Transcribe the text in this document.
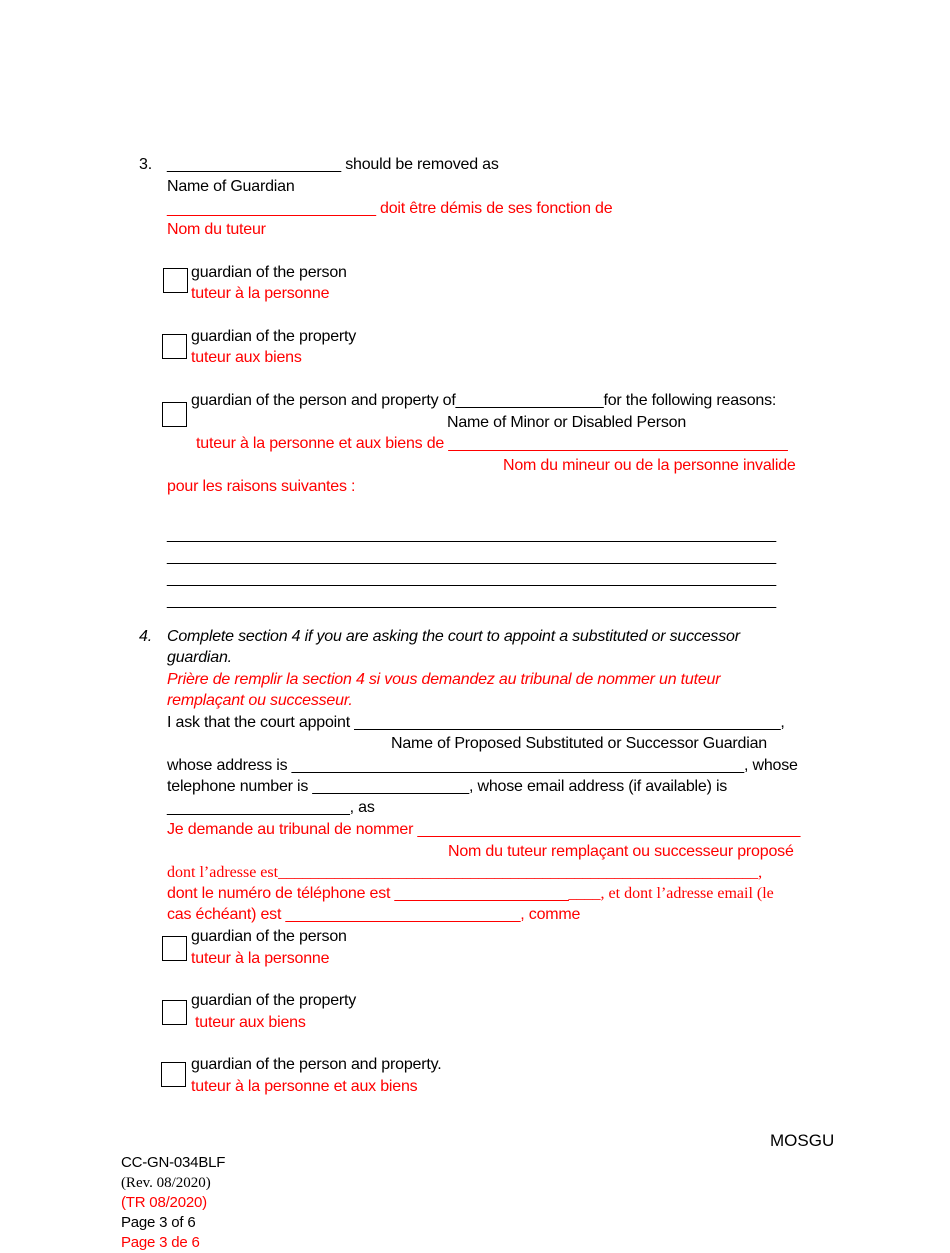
3. ____________________ should be removed as
Name of Guardian
________________________ doit être démis de ses fonction de
Nom du tuteur
guardian of the person
tuteur à la personne
guardian of the property
tuteur aux biens
guardian of the person and property of_________________for the following reasons:
Name of Minor or Disabled Person
tuteur à la personne et aux biens de _______________________________________
Nom du mineur ou de la personne invalide
pour les raisons suivantes :
______________________________________________________________________
______________________________________________________________________
______________________________________________________________________
______________________________________________________________________
4. Complete section 4 if you are asking the court to appoint a substituted or successor
guardian.
Prière de remplir la section 4 si vous demandez au tribunal de nommer un tuteur
remplaçant ou successeur.
I ask that the court appoint _________________________________________________,
Name of Proposed Substituted or Successor Guardian
whose address is ____________________________________________________, whose
telephone number is __________________, whose email address (if available) is
_____________________, as
Je demande au tribunal de nommer ____________________________________________
Nom du tuteur remplaçant ou successeur proposé
dont l’adresse est____________________________________________________________,
dont le numéro de téléphone est ________________________, et dont l’adresse email (le
cas échéant) est ___________________________, comme
guardian of the person
tuteur à la personne
guardian of the property
tuteur aux biens
guardian of the person and property.
tuteur à la personne et aux biens

CC-GN-034BLF
(Rev. 08/2020)
(TR 08/2020)
Page 3 of 6
Page 3 de 6

MOSGU
